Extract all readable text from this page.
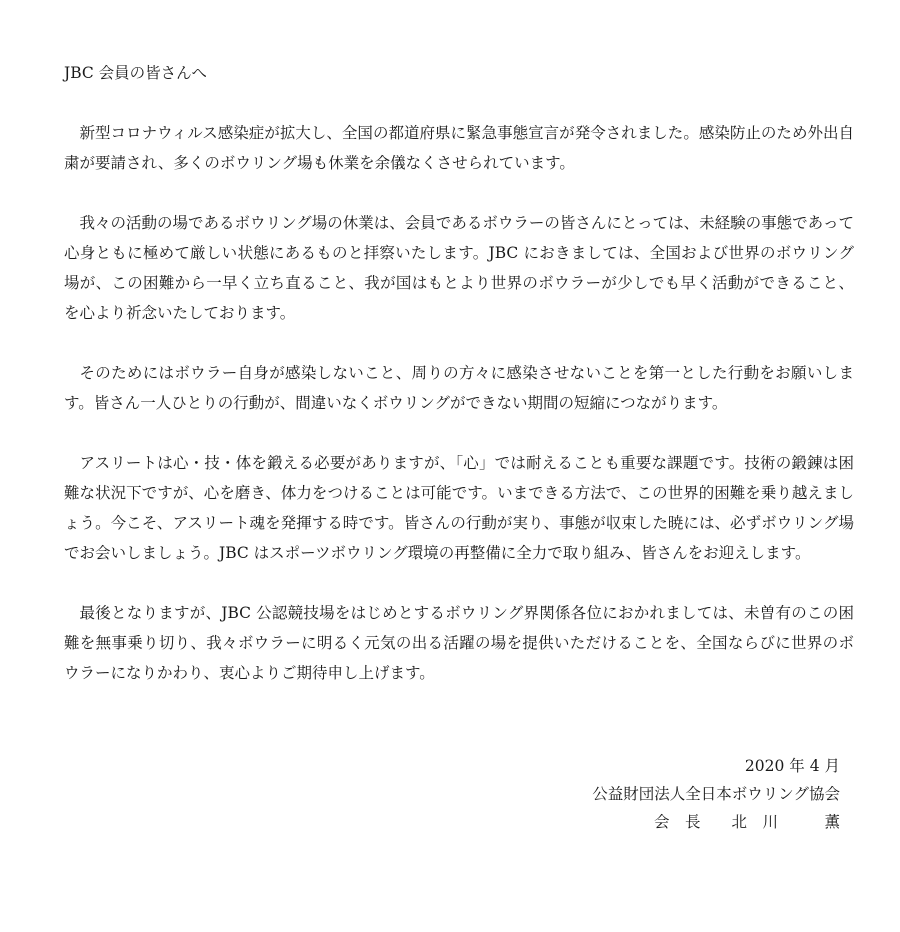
JBC 会員の皆さんへ

新型コロナウィルス感染症が拡大し、全国の都道府県に緊急事態宣言が発令されました。感染防止のため外出自粛が要請され、多くのボウリング場も休業を余儀なくさせられています。

我々の活動の場であるボウリング場の休業は、会員であるボウラーの皆さんにとっては、未経験の事態であって心身ともに極めて厳しい状態にあるものと拝察いたします。JBC におきましては、全国および世界のボウリング場が、この困難から一早く立ち直ること、我が国はもとより世界のボウラーが少しでも早く活動ができること、を心より祈念いたしております。

そのためにはボウラー自身が感染しないこと、周りの方々に感染させないことを第一とした行動をお願いします。皆さん一人ひとりの行動が、間違いなくボウリングができない期間の短縮につながります。

アスリートは心・技・体を鍛える必要がありますが、「心」では耐えることも重要な課題です。技術の鍛錬は困難な状況下ですが、心を磨き、体力をつけることは可能です。いまできる方法で、この世界的困難を乗り越えましょう。今こそ、アスリート魂を発揮する時です。皆さんの行動が実り、事態が収束した暁には、必ずボウリング場でお会いしましょう。JBC はスポーツボウリング環境の再整備に全力で取り組み、皆さんをお迎えします。

最後となりますが、JBC 公認競技場をはじめとするボウリング界関係各位におかれましては、未曽有のこの困難を無事乗り切り、我々ボウラーに明るく元気の出る活躍の場を提供いただけることを、全国ならびに世界のボウラーになりかわり、衷心よりご期待申し上げます。

2020 年 4 月
公益財団法人全日本ボウリング協会
会　長　　北　川　　　薫
